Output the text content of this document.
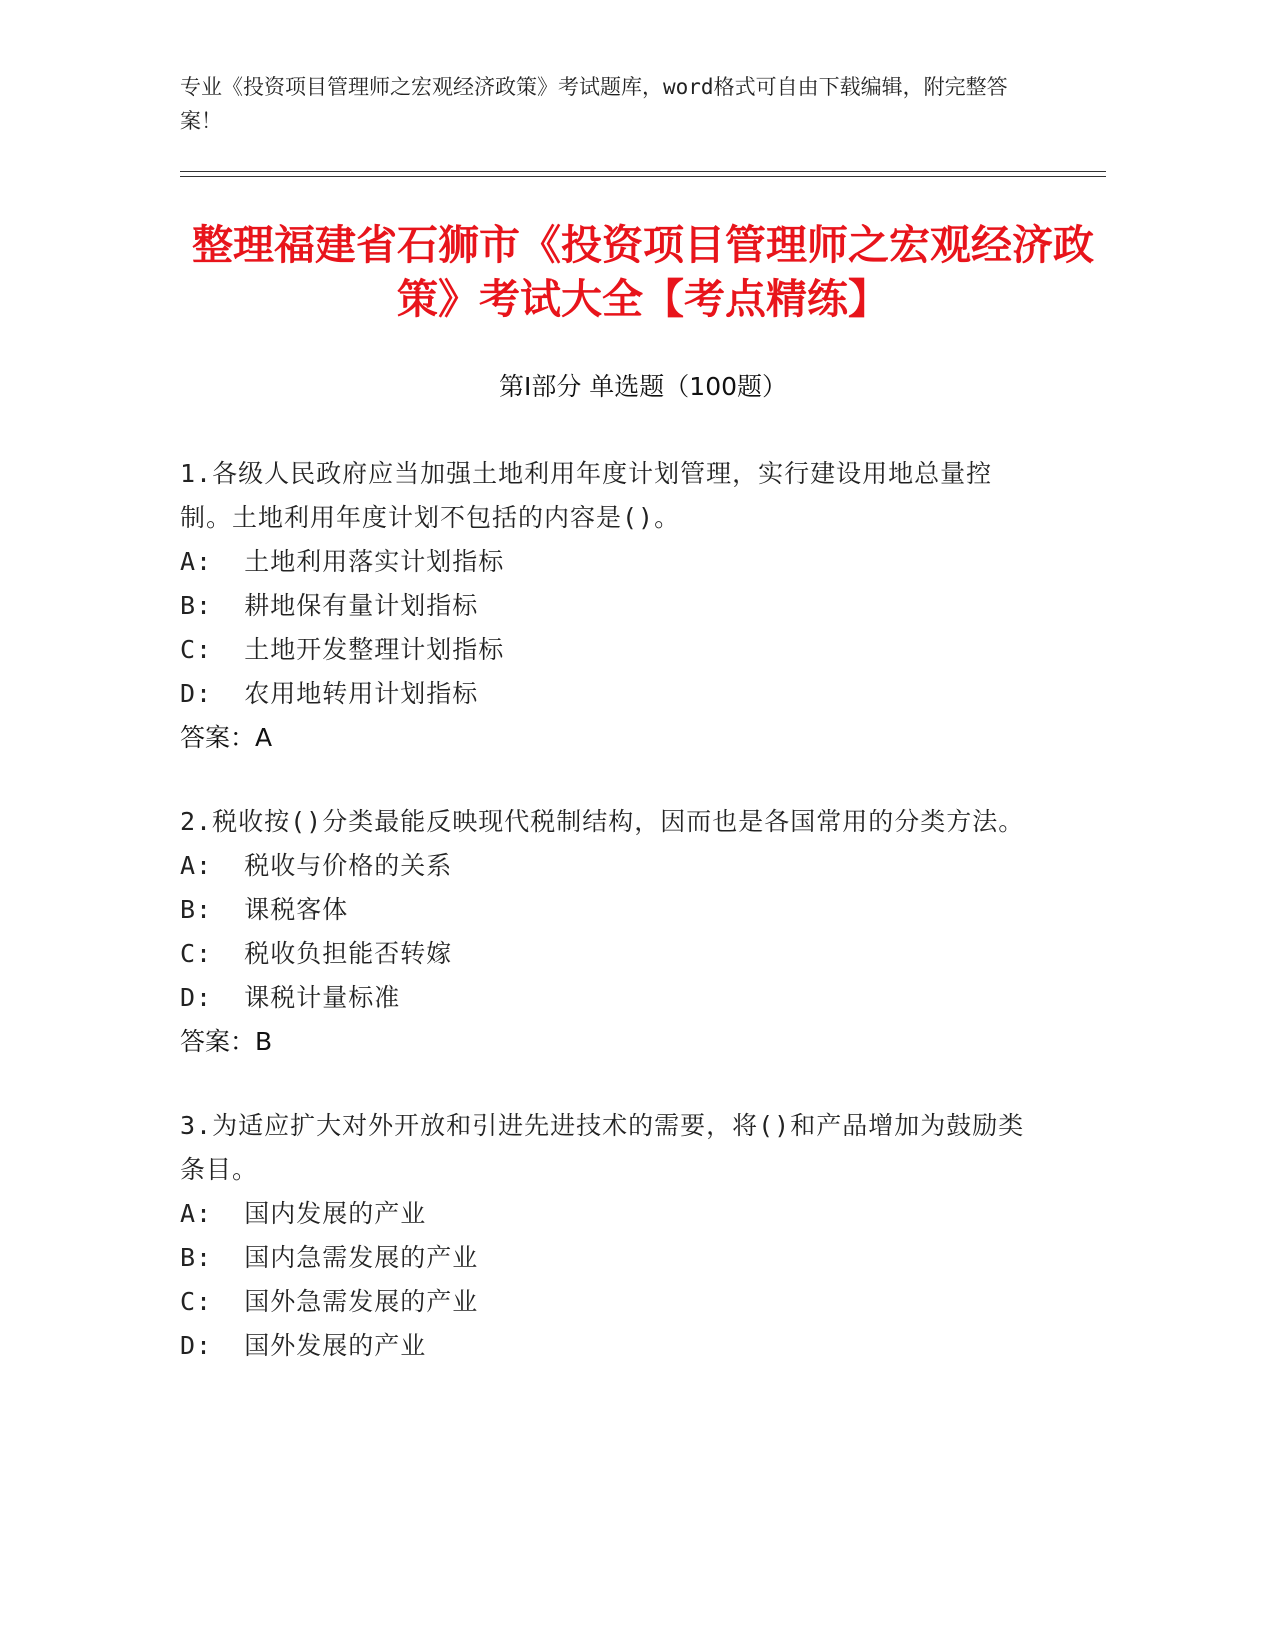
专业《投资项目管理师之宏观经济政策》考试题库，word格式可自由下载编辑，附完整答案！
整理福建省石狮市《投资项目管理师之宏观经济政策》考试大全【考点精练】
第Ⅰ部分 单选题（100题）
1.各级人民政府应当加强土地利用年度计划管理，实行建设用地总量控制。土地利用年度计划不包括的内容是()。
A:  土地利用落实计划指标
B:  耕地保有量计划指标
C:  土地开发整理计划指标
D:  农用地转用计划指标
答案：A
2.税收按()分类最能反映现代税制结构，因而也是各国常用的分类方法。
A:  税收与价格的关系
B:  课税客体
C:  税收负担能否转嫁
D:  课税计量标准
答案：B
3.为适应扩大对外开放和引进先进技术的需要，将()和产品增加为鼓励类条目。
A:  国内发展的产业
B:  国内急需发展的产业
C:  国外急需发展的产业
D:  国外发展的产业
